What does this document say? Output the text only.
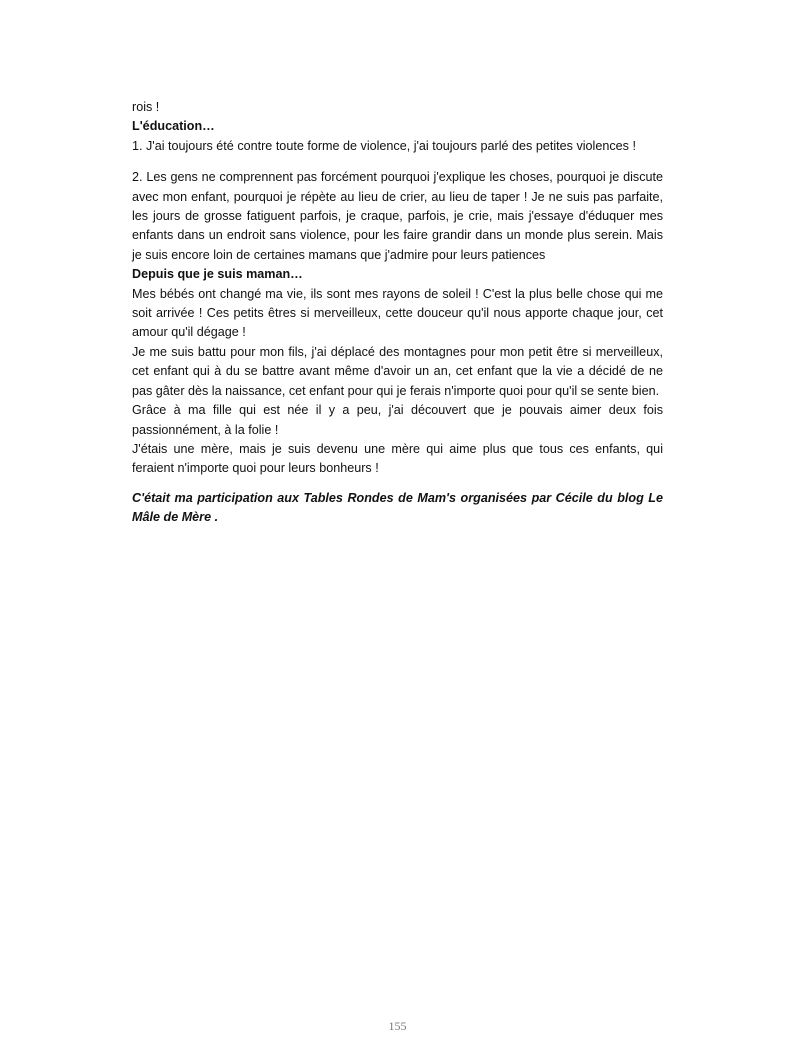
rois !

L'éducation…

1. J'ai toujours été contre toute forme de violence, j'ai toujours parlé des petites violences !

2. Les gens ne comprennent pas forcément pourquoi j'explique les choses, pourquoi je discute avec mon enfant, pourquoi je répète au lieu de crier, au lieu de taper ! Je ne suis pas parfaite, les jours de grosse fatiguent parfois, je craque, parfois, je crie, mais j'essaye d'éduquer mes enfants dans un endroit sans violence, pour les faire grandir dans un monde plus serein. Mais je suis encore loin de certaines mamans que j'admire pour leurs patiences

Depuis que je suis maman…

Mes bébés ont changé ma vie, ils sont mes rayons de soleil ! C'est la plus belle chose qui me soit arrivée ! Ces petits êtres si merveilleux, cette douceur qu'il nous apporte chaque jour, cet amour qu'il dégage !

Je me suis battu pour mon fils, j'ai déplacé des montagnes pour mon petit être si merveilleux, cet enfant qui à du se battre avant même d'avoir un an, cet enfant que la vie a décidé de ne pas gâter dès la naissance, cet enfant pour qui je ferais n'importe quoi pour qu'il se sente bien.

Grâce à ma fille qui est née il y a peu, j'ai découvert que je pouvais aimer deux fois passionnément, à la folie !

J'étais une mère, mais je suis devenu une mère qui aime plus que tous ces enfants, qui feraient n'importe quoi pour leurs bonheurs !

C'était ma participation aux Tables Rondes de Mam's organisées par Cécile du blog Le Mâle de Mère .

155
